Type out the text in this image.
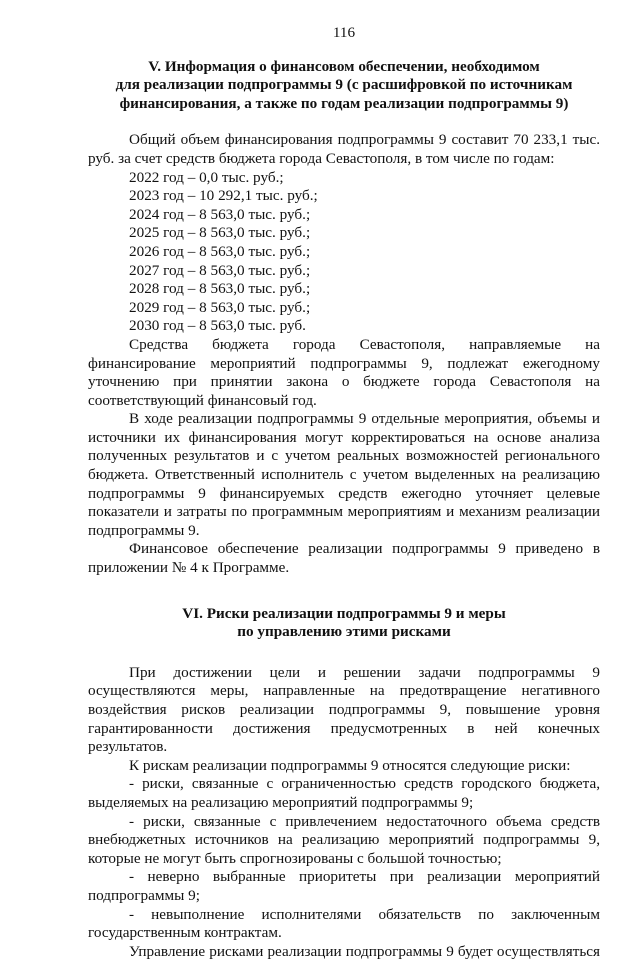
116
V. Информация о финансовом обеспечении, необходимом
для реализации подпрограммы 9 (с расшифровкой по источникам
финансирования, а также по годам реализации подпрограммы 9)

Общий объем финансирования подпрограммы 9 составит 70 233,1 тыс. руб. за счет средств бюджета города Севастополя, в том числе по годам:

2022 год – 0,0 тыс. руб.;
2023 год – 10 292,1 тыс. руб.;
2024 год – 8 563,0 тыс. руб.;
2025 год – 8 563,0 тыс. руб.;
2026 год – 8 563,0 тыс. руб.;
2027 год – 8 563,0 тыс. руб.;
2028 год – 8 563,0 тыс. руб.;
2029 год – 8 563,0 тыс. руб.;
2030 год – 8 563,0 тыс. руб.

Средства бюджета города Севастополя, направляемые на финансирование мероприятий подпрограммы 9, подлежат ежегодному уточнению при принятии закона о бюджете города Севастополя на соответствующий финансовый год.

В ходе реализации подпрограммы 9 отдельные мероприятия, объемы и источники их финансирования могут корректироваться на основе анализа полученных результатов и с учетом реальных возможностей регионального бюджета. Ответственный исполнитель с учетом выделенных на реализацию подпрограммы 9 финансируемых средств ежегодно уточняет целевые показатели и затраты по программным мероприятиям и механизм реализации подпрограммы 9.

Финансовое обеспечение реализации подпрограммы 9 приведено в приложении № 4 к Программе.

VI. Риски реализации подпрограммы 9 и меры
по управлению этими рисками

При достижении цели и решении задачи подпрограммы 9 осуществляются меры, направленные на предотвращение негативного воздействия рисков реализации подпрограммы 9, повышение уровня гарантированности достижения предусмотренных в ней конечных результатов.

К рискам реализации подпрограммы 9 относятся следующие риски:

- риски, связанные с ограниченностью средств городского бюджета, выделяемых на реализацию мероприятий подпрограммы 9;

- риски, связанные с привлечением недостаточного объема средств внебюджетных источников на реализацию мероприятий подпрограммы 9, которые не могут быть спрогнозированы с большой точностью;

- неверно выбранные приоритеты при реализации мероприятий подпрограммы 9;

- невыполнение исполнителями обязательств по заключенным государственным контрактам.

Управление рисками реализации подпрограммы 9 будет осуществляться
